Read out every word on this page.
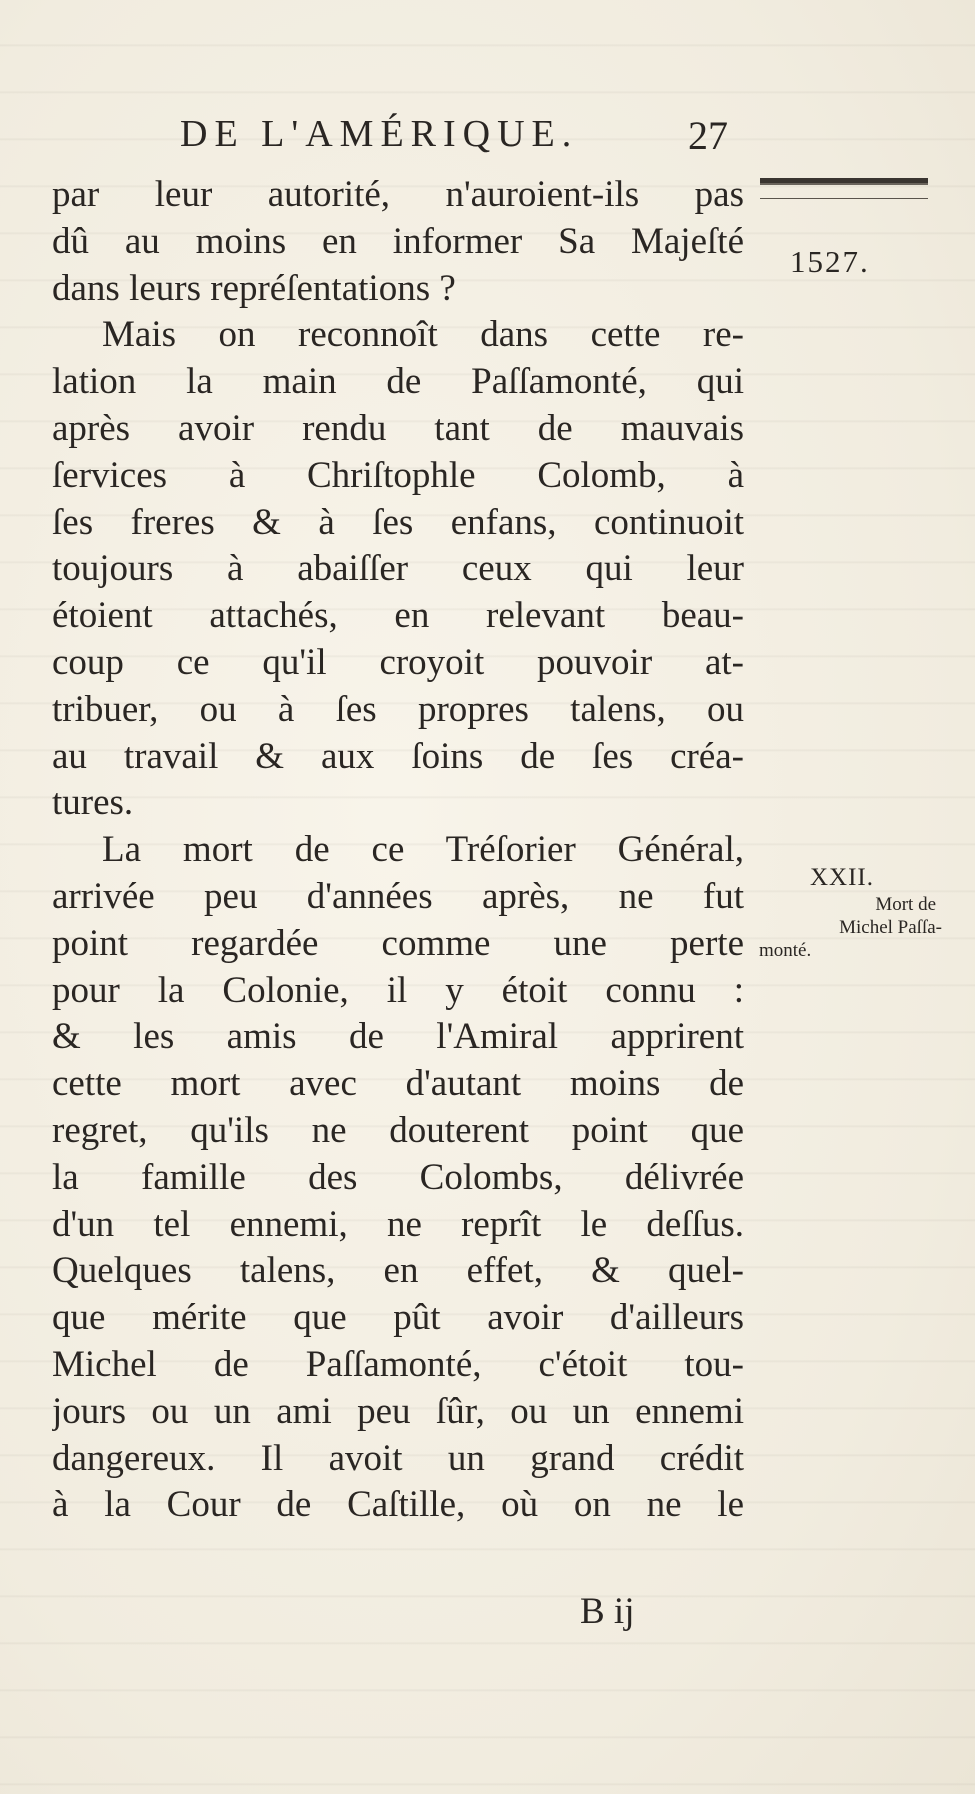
DE L'AMÉRIQUE.	27
1527.
XXII.
Mort de
Michel Paſſa-
monté.
par leur autorité, n'auroient-ils pas
dû au moins en informer Sa Majeſté
dans leurs repréſentations ?
Mais on reconnoît dans cette re-
lation la main de Paſſamonté, qui
après avoir rendu tant de mauvais
ſervices à Chriſtophle Colomb, à
ſes freres & à ſes enfans, continuoit
toujours à abaiſſer ceux qui leur
étoient attachés, en relevant beau-
coup ce qu'il croyoit pouvoir at-
tribuer, ou à ſes propres talens, ou
au travail & aux ſoins de ſes créa-
tures.
La mort de ce Tréſorier Général,
arrivée peu d'années après, ne fut
point regardée comme une perte
pour la Colonie, il y étoit connu :
& les amis de l'Amiral apprirent
cette mort avec d'autant moins de
regret, qu'ils ne douterent point que
la famille des Colombs, délivrée
d'un tel ennemi, ne reprît le deſſus.
Quelques talens, en effet, & quel-
que mérite que pût avoir d'ailleurs
Michel de Paſſamonté, c'étoit tou-
jours ou un ami peu ſûr, ou un ennemi
dangereux. Il avoit un grand crédit
à la Cour de Caſtille, où on ne le
B ij
